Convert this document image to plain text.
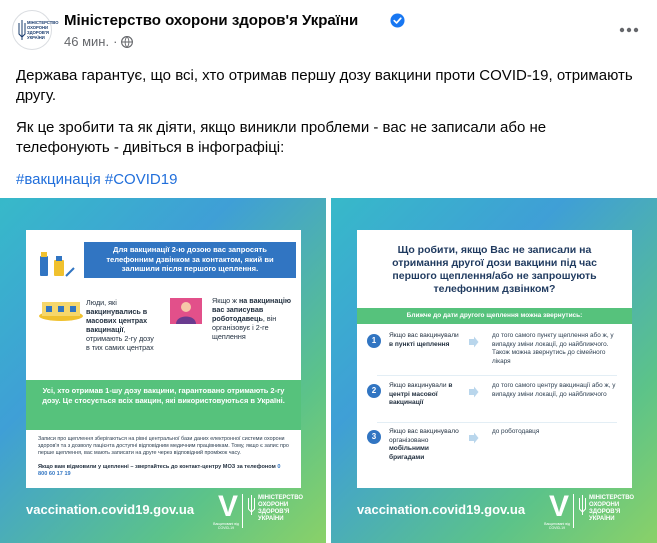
МІНІСТЕРСТВО
ОХОРОНИ
ЗДОРОВ'Я
УКРАЇНИ
Міністерство охорони здоров'я України
46 мин. ·

Держава гарантує, що всі, хто отримав першу дозу вакцини проти COVID-19, отримають другу.

Як це зробити та як діяти, якщо виникли проблеми - вас не записали або не телефонують - дивіться в інфографіці:

#вакцинація #COVID19

Для вакцинації 2-ю дозою вас запросять телефонним дзвінком за контактом, який ви залишили після першого щеплення.
Люди, які вакцинувались в масових центрах вакцинації, отримають 2-гу дозу в тих самих центрах
Якщо ж на вакцинацію вас записував роботодавець, він організовує і 2-ге щеплення
Усі, хто отримав 1-шу дозу вакцини, гарантовано отримають 2-гу дозу. Це стосується всіх вакцин, які використовуються в Україні.
Записи про щеплення зберігаються на рівні центральної бази даних електронної системи охорони здоров'я та з дозволу пацієнта доступні відповідним медичним працівникам. Тому, якщо є запис про перше щеплення, вас мають записати на друге через відповідний проміжок часу.
Якщо вам відмовили у щепленні – звертайтесь до контакт-центру МОЗ за телефоном 0 800 60 17 19
vaccination.covid19.gov.ua V
Вакциновані від COVID-19
МІНІСТЕРСТВО
ОХОРОНИ
ЗДОРОВ'Я
УКРАЇНИ
Що робити, якщо Вас не записали на отримання другої дози вакцини під час першого щеплення/або не запрошують телефонним дзвінком?
Ближче до дати другого щеплення можна звернутись:
1
Якщо вас вакцинували в пункті щеплення
до того самого пункту щеплення або ж, у випадку зміни локації, до найближчого. Також можна звернутись до сімейного лікаря
2
Якщо вакцинували в центрі масової вакцинації
до того самого центру вакцинації або ж, у випадку зміни локації, до найближчого
3
Якщо вас вакцинувало організовано мобільними бригадами
до роботодавця
vaccination.covid19.gov.ua V
Вакциновані від COVID-19
МІНІСТЕРСТВО
ОХОРОНИ
ЗДОРОВ'Я
УКРАЇНИ
